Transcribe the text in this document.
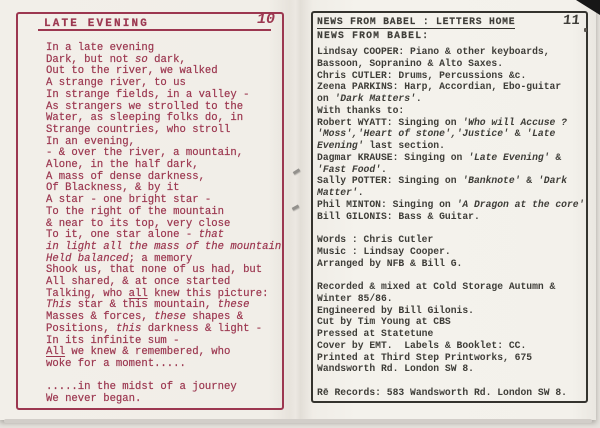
LATE EVENING	10
In a late evening
Dark, but not so dark,
Out to the river, we walked
A strange river, to us
In strange fields, in a valley -
As strangers we strolled to the
Water, as sleeping folks do, in
Strange countries, who stroll
In an evening,
- & over the river, a mountain,
Alone, in the half dark,
A mass of dense darkness,
Of Blackness, & by it
A star - one bright star -
To the right of the mountain
& near to its top, very close
To it, one star alone - that
in light all the mass of the mountain
Held balanced; a memory
Shook us, that none of us had, but
All shared, & at once started
Talking, who all knew this picture:
This star & this mountain, these
Masses & forces, these shapes &
Positions, this darkness & light -
In its infinite sum -
All we knew & remembered, who
woke for a moment.....

.....in the midst of a journey
We never began.
NEWS FROM BABEL : LETTERS HOME	11
NEWS FROM BABEL:
Lindsay COOPER: Piano & other keyboards,
Bassoon, Sopranino & Alto Saxes.
Chris CUTLER: Drums, Percussions &c.
Zeena PARKINS: Harp, Accordian, Ebo-guitar
on 'Dark Matters'.
With thanks to:
Robert WYATT: Singing on 'Who will Accuse ?
'Moss','Heart of stone','Justice' & 'Late
Evening' last section.
Dagmar KRAUSE: Singing on 'Late Evening' &
'Fast Food'.
Sally POTTER: Singing on 'Banknote' & 'Dark
Matter'.
Phil MINTON: Singing on 'A Dragon at the core'
Bill GILONIS: Bass & Guitar.

Words : Chris Cutler
Music : Lindsay Cooper.
Arranged by NFB & Bill G.

Recorded & mixed at Cold Storage Autumn &
Winter 85/86.
Engineered by Bill Gilonis.
Cut by Tim Young at CBS
Pressed at Statetune
Cover by EMT.  Labels & Booklet: CC.
Printed at Third Step Printworks, 675
Wandsworth Rd. London SW 8.

Rē Records: 583 Wandsworth Rd. London SW 8.
